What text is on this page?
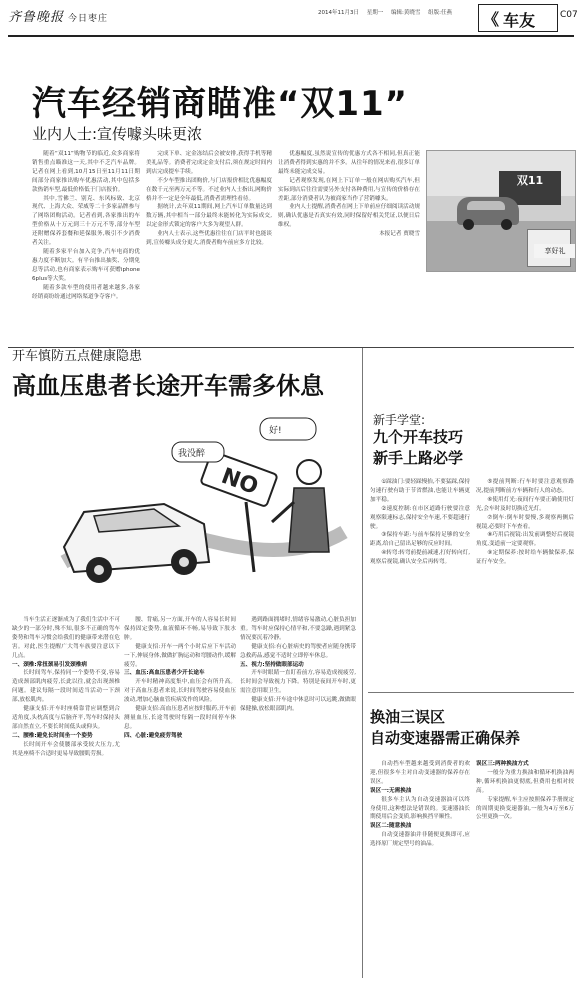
齐鲁晚报 今日枣庄
2014年11月3日 星期一 编辑:黄晓雪 组版:任燕	《 车友	C07
汽车经销商瞄准“双11”
业内人士:宣传噱头味更浓

随着“双11”购物节的临近,众多商家将销售重点瞄准这一天,其中不乏汽车品牌。记者在网上看到,10月15日至11月11日期间部分商家推出购车优惠活动,其中包括多款热销车型,最低价格低于门店报价。

其中,雪佛兰、别克、东风标致、北京现代、上海大众、荣威等二十多家品牌参与了网络团购活动。记者看到,各家推出的车型价格从十万元到三十万元不等,部分车型还附赠保养套餐和延保服务,吸引不少消费者关注。

随着多家平台加入竞争,汽车电商的优惠力度不断加大。有平台推出抽奖、分期免息等活动,也有商家表示购车可获赠iphone 6plus等大奖。

随着多款车型的使用者越来越多,各家经销商纷纷通过网络渠道争夺客户。

完成下单、定金冻结后会被安排,获得手机等精美礼品等。消费者完成定金支付后,须在规定时间内到店完成提车手续。

不少车型推出团购价,与门店报价相比优惠幅度在数千元至两万元不等。不过业内人士指出,网购价格并不一定是全年最低,消费者需理性看待。

据统计,去年双11期间,网上汽车订单数量达到数万辆,其中相当一部分最终未能转化为实际成交,以定金形式锁定的客户大多为观望人群。

业内人士表示,这些优惠往往在门店平时也能谈到,宣传噱头成分更大,消费者购车前应多方比较。

优惠幅度,虽然说宣传的优惠方式各不相同,但真正能让消费者得到实惠的并不多。从往年的情况来看,很多订单最终未能完成交易。

记者观察发现,在网上下订单一般在网店购买汽车,但实际到店后往往需要另外支付各种费用,与宣传的价格存在差距,部分消费者认为被商家当作了营销噱头。

业内人士提醒,消费者在网上下单前应仔细阅读活动规则,确认优惠是否真实有效,同时保留好相关凭证,以便日后维权。

本报记者 贾晓雪

双11
享好礼
开车慎防五点健康隐患
高血压患者长途开车需多休息
NO
好!
我没醉

当车生活正逐渐成为了我们生活中不可缺少的一部分时,殊不知,很多不正确的驾车姿势和驾车习惯会给我们的健康带来潜在危害。对此,医生提醒广大驾车族要注意以下几点。

一、颈椎:常扭颈易引发颈椎病

长时间驾车,保持同一个姿势不变,容易造成颈部肌肉疲劳,长此以往,就会出现颈椎问题。建议每隔一段时间适当活动一下颈部,放松肌肉。

健康支招:开车时座椅靠背应调整到合适角度,头枕高度与后脑齐平,驾车时保持头部自然直立,不要长时间低头或仰头。

二、腰椎:避免长时间坐一个姿势

长时间开车会使腰部承受较大压力,尤其是座椅不合适时更易导致腰肌劳损。

腰、背痛,另一方面,开车的人容易长时间保持固定姿势,血液循环不畅,易导致下肢水肿。

健康支招:开车一两个小时后应下车活动一下,伸展身体,做做扩胸运动和弯腰动作,缓解疲劳。

三、血压:高血压患者少开长途车

开车时精神高度集中,血压会有所升高。对于高血压患者来说,长时间驾驶容易使血压波动,增加心脑血管疾病发作的风险。

健康支招:高血压患者应按时服药,开车前测量血压,长途驾驶时每隔一段时间停车休息。

四、心脏:避免疲劳驾驶

遇到路面拥堵时,情绪容易激动,心脏负担加重。驾车时应保持心情平和,不要急躁,遇到紧急情况要沉着冷静。

健康支招:有心脏病史的驾驶者应随身携带急救药品,感觉不适时立即停车休息。

五、视力:坚持做眼部运动

开车时眼睛一直盯着前方,容易造成视疲劳,长时间会导致视力下降。特别是夜间开车时,更需注意用眼卫生。

健康支招:开车途中休息时可以远眺,做做眼保健操,放松眼部肌肉。

新手学堂:
九个开车技巧
新手上路必学

①踩油门:要轻踩慢抬,不要猛踩,保持匀速行驶有助于节省燃油,也能让车辆更加平稳。

②速度控制:在市区道路行驶要注意观察限速标志,保持安全车速,不要超速行驶。

③保持车距:与前车保持足够的安全距离,给自己留出足够的反应时间。

④转弯:转弯前提前减速,打好转向灯,观察后视镜,确认安全后再转弯。

⑤提前判断:行车时要注意观察路况,提前判断前方车辆和行人的动态。

⑥使用灯光:夜间行车要正确使用灯光,会车时及时切换近光灯。

⑦倒车:倒车时要慢,多观察两侧后视镜,必要时下车查看。

⑧巧用后视镜:出发前调整好后视镜角度,变道前一定要观察。

⑨定期保养:按时给车辆做保养,保证行车安全。

换油三误区
自动变速器需正确保养

自动挡车型越来越受到消费者的欢迎,但很多车主对自动变速器的保养存在误区。

误区一:无需换油

很多车主认为自动变速器油可以终身使用,这种想法是错误的。变速器油长期使用后会变质,影响换挡平顺性。

误区二:随意换油

自动变速器油并非随便更换即可,应选择原厂规定型号的油品。

误区三:两种换油方式

一般分为重力换油和循环机换油两种,循环机换油更彻底,但费用也相对较高。

专家提醒,车主应按照保养手册规定的周期更换变速器油,一般为4万至6万公里更换一次。
